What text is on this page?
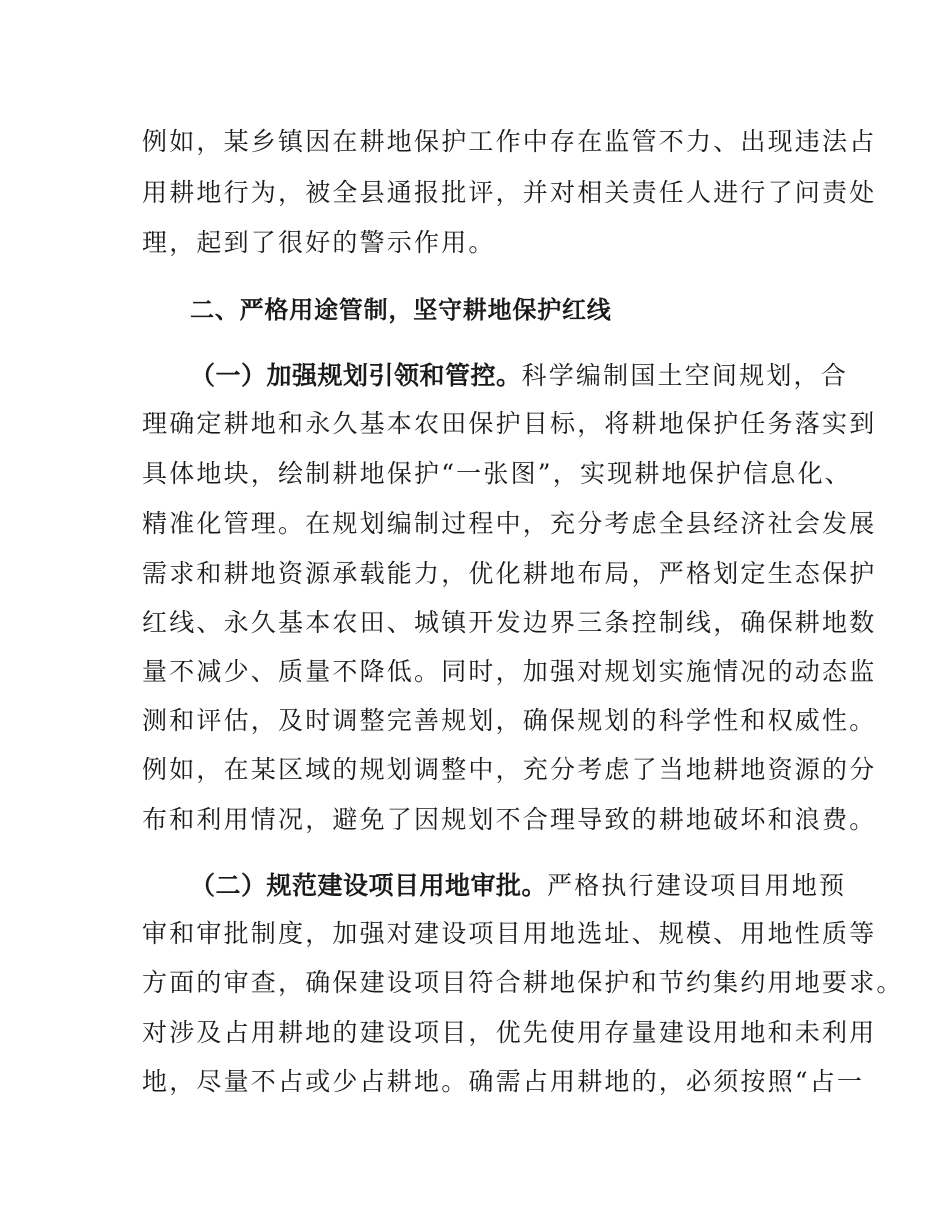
例如，某乡镇因在耕地保护工作中存在监管不力、出现违法占
用耕地行为，被全县通报批评，并对相关责任人进行了问责处
理，起到了很好的警示作用。
二、严格用途管制，坚守耕地保护红线
（一）加强规划引领和管控。科学编制国土空间规划，合
理确定耕地和永久基本农田保护目标，将耕地保护任务落实到
具体地块，绘制耕地保护“一张图”，实现耕地保护信息化、
精准化管理。在规划编制过程中，充分考虑全县经济社会发展
需求和耕地资源承载能力，优化耕地布局，严格划定生态保护
红线、永久基本农田、城镇开发边界三条控制线，确保耕地数
量不减少、质量不降低。同时，加强对规划实施情况的动态监
测和评估，及时调整完善规划，确保规划的科学性和权威性。
例如，在某区域的规划调整中，充分考虑了当地耕地资源的分
布和利用情况，避免了因规划不合理导致的耕地破坏和浪费。
（二）规范建设项目用地审批。严格执行建设项目用地预
审和审批制度，加强对建设项目用地选址、规模、用地性质等
方面的审查，确保建设项目符合耕地保护和节约集约用地要求。
对涉及占用耕地的建设项目，优先使用存量建设用地和未利用
地，尽量不占或少占耕地。确需占用耕地的，必须按照“占一
